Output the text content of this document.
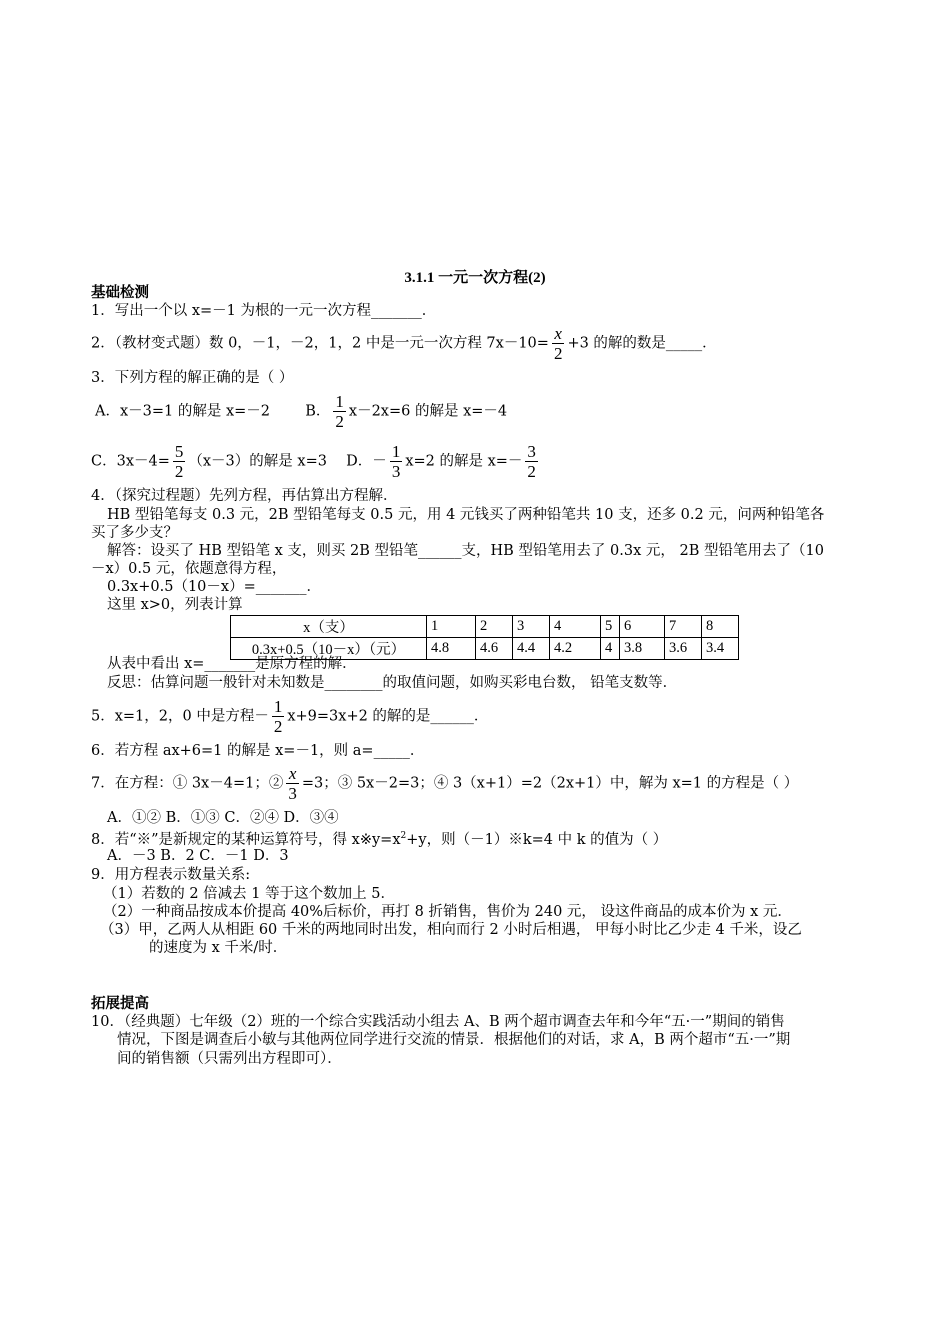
3.1.1 一元一次方程(2)
基础检测
1．写出一个以 x=－1 为根的一元一次方程_______．
2．（教材变式题）数 0，－1，－2，1，2 中是一元一次方程 $7x-10= \frac{x}{2} +3$ 的解的数是_____．
3．下列方程的解正确的是（ ）
A．x－3=1 的解是 x=－2 B． $\frac{1}{2} x-2x=6$ 的解是 x=－4
C．$3x-4= \frac{5}{2} (x-3)$的解是 x=3 D．－ $\frac{1}{3} x=2$ 的解是 $x=- \frac{3}{2}$
4．（探究过程题）先列方程，再估算出方程解．
HB 型铅笔每支 0.3 元，2B 型铅笔每支 0.5 元，用 4 元钱买了两种铅笔共 10 支，还多 0.2 元，问两种铅笔各
买了多少支？
解答：设买了 HB 型铅笔 x 支，则买 2B 型铅笔______支，HB 型铅笔用去了 0.3x 元， 2B 型铅笔用去了（10
－x）0.5 元，依题意得方程，
0.3x+0.5（10－x）=_______．
这里 x>0，列表计算
x（支）	1	2	3	4	5	6	7	8
0.3x+0.5（10－x）（元）	4.8	4.6	4.4	4.2	4	3.8	3.6	3.4
从表中看出 x=_______是原方程的解．
反思：估算问题一般针对未知数是________的取值问题，如购买彩电台数， 铅笔支数等．
5．x=1，2，0 中是方程－ $\frac{1}{2} x+9=3x+2$ 的解的是______．
6．若方程 ax+6=1 的解是 x=－1，则 a=_____．
7．在方程：① 3x－4=1；② $\frac{x}{3} =3$；③ 5x－2=3；④ 3（x+1）=2（2x+1）中，解为 x=1 的方程是（ ）
A．①② B．①③ C．②④ D．③④
8．若“※”是新规定的某种运算符号，得 $x※y=x^2+y$，则（－1）※k=4 中 k 的值为（ ）
A．－3 B．2 C．－1 D．3
9．用方程表示数量关系:
（1）若数的 2 倍减去 1 等于这个数加上 5．
（2）一种商品按成本价提高 40%后标价，再打 8 折销售，售价为 240 元， 设这件商品的成本价为 x 元．
（3）甲，乙两人从相距 60 千米的两地同时出发，相向而行 2 小时后相遇， 甲每小时比乙少走 4 千米，设乙
的速度为 x 千米/时．
拓展提高
10．（经典题）七年级（2）班的一个综合实践活动小组去 A、B 两个超市调查去年和今年“五·一”期间的销售
情况，下图是调查后小敏与其他两位同学进行交流的情景．根据他们的对话，求 A，B 两个超市“五·一”期
间的销售额（只需列出方程即可）．
